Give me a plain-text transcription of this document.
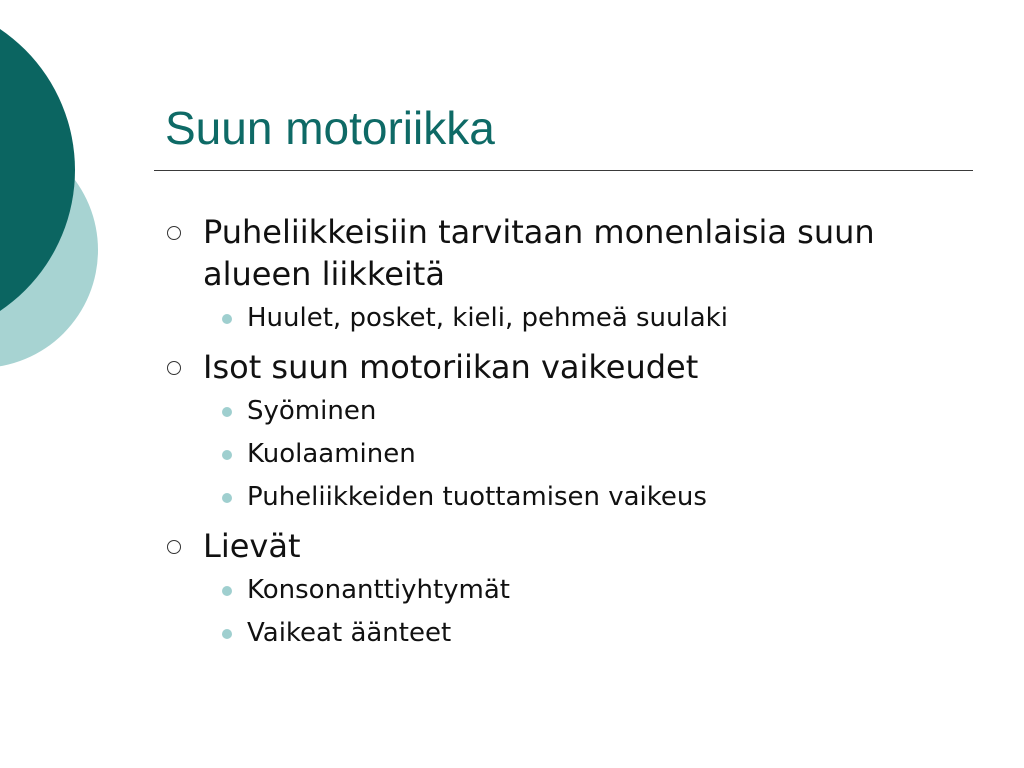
Suun motoriikka
Puheliikkeisiin tarvitaan monenlaisia suun alueen liikkeitä
Huulet, posket, kieli, pehmeä suulaki
Isot suun motoriikan vaikeudet
Syöminen
Kuolaaminen
Puheliikkeiden tuottamisen vaikeus
Lievät
Konsonanttiyhtymät
Vaikeat äänteet
